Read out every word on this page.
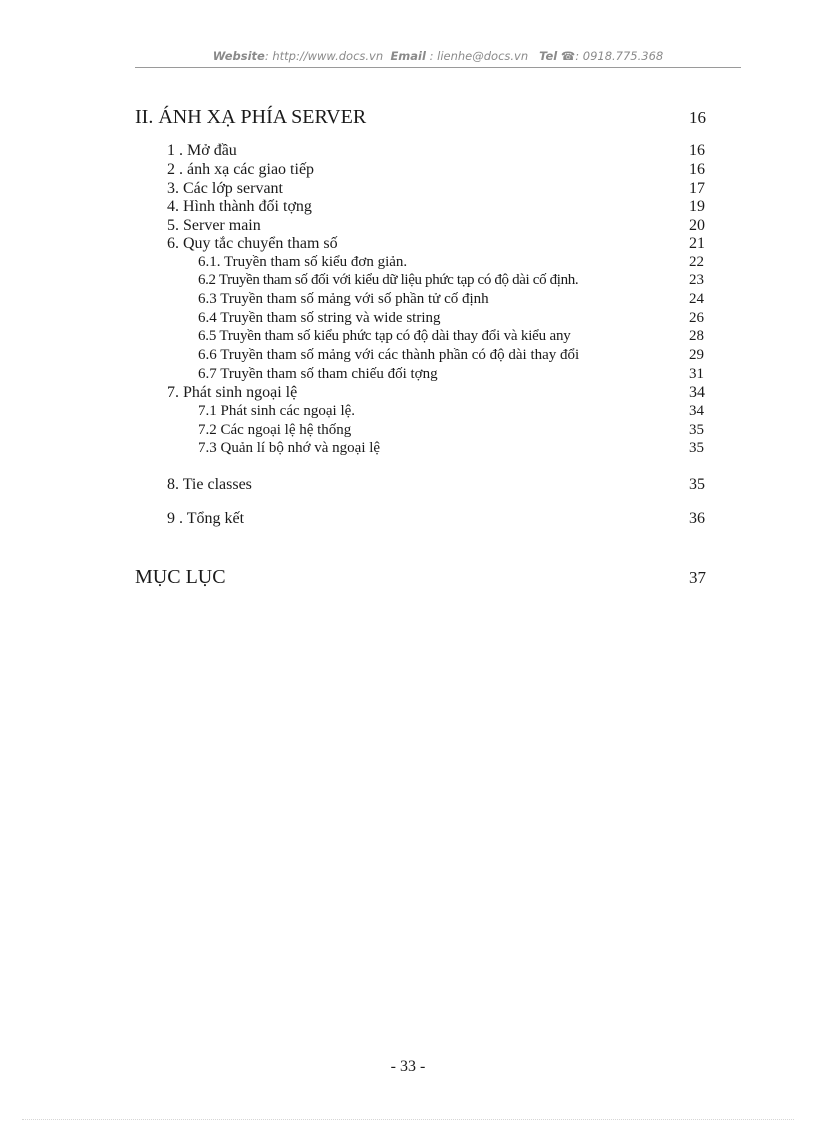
Website: http://www.docs.vn Email : lienhe@docs.vn Tel ☎: 0918.775.368
II. ÁNH XẠ PHÍA SERVER	16
1 . Mở đầu	16
2 . ánh xạ các giao tiếp	16
3. Các lớp servant	17
4. Hình thành đối tợng	19
5. Server main	20
6. Quy tắc chuyển tham số	21
6.1. Truyền tham số kiểu đơn giản.	22
6.2 Truyền tham số đối với kiểu dữ liệu phức tạp có độ dài cố định.	23
6.3 Truyền tham số mảng với số phần tử cố định	24
6.4 Truyền tham số string và wide string	26
6.5 Truyền tham số kiểu phức tạp có độ dài thay đổi và kiểu any	28
6.6 Truyền tham số mảng với các thành phần có độ dài thay đổi	29
6.7 Truyền tham số tham chiếu đối tợng	31
7. Phát sinh ngoại lệ	34
7.1 Phát sinh các ngoại lệ.	34
7.2 Các ngoại lệ hệ thống	35
7.3 Quản lí bộ nhớ và ngoại lệ	35
8. Tie classes	35
9 . Tổng kết	36
MỤC LỤC	37
- 33 -
